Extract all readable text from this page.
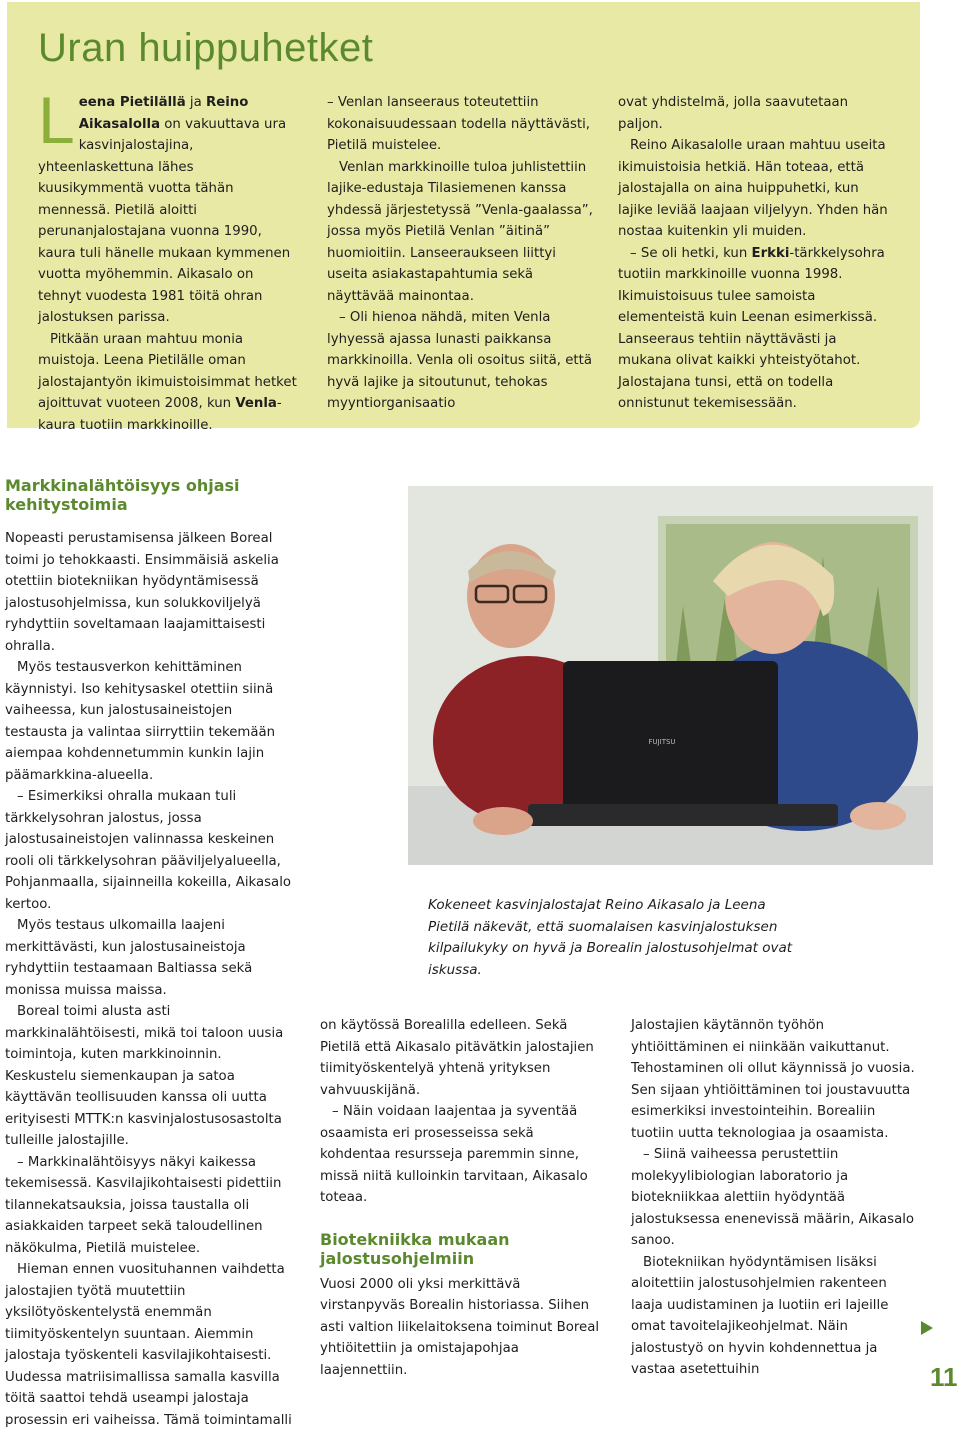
Uran huippuhetket

Leena Pietilällä ja Reino Aikasalolla on vakuuttava ura kasvinjalostajina, yhteenlaskettuna lähes kuusikymmentä vuotta tähän mennessä. Pietilä aloitti perunanjalostajana vuonna 1990, kaura tuli hänelle mukaan kymmenen vuotta myöhemmin. Aikasalo on tehnyt vuodesta 1981 töitä ohran jalostuksen parissa.

Pitkään uraan mahtuu monia muistoja. Leena Pietilälle oman jalostajantyön ikimuistoisimmat hetket ajoittuvat vuoteen 2008, kun Venla-kaura tuotiin markkinoille.

– Venlan lanseeraus toteutettiin kokonaisuudessaan todella näyttävästi, Pietilä muistelee.

Venlan markkinoille tuloa juhlistettiin lajike-edustaja Tilasiemenen kanssa yhdessä järjestetyssä ”Venla-gaalassa”, jossa myös Pietilä Venlan ”äitinä” huomioitiin. Lanseeraukseen liittyi useita asiakastapahtumia sekä näyttävää mainontaa.

– Oli hienoa nähdä, miten Venla lyhyessä ajassa lunasti paikkansa markkinoilla. Venla oli osoitus siitä, että hyvä lajike ja sitoutunut, tehokas myyntiorganisaatio

ovat yhdistelmä, jolla saavutetaan paljon.

Reino Aikasalolle uraan mahtuu useita ikimuistoisia hetkiä. Hän toteaa, että jalostajalla on aina huippuhetki, kun lajike leviää laajaan viljelyyn. Yhden hän nostaa kuitenkin yli muiden.

– Se oli hetki, kun Erkki-tärkkelysohra tuotiin markkinoille vuonna 1998.

Ikimuistoisuus tulee samoista elementeistä kuin Leenan esimerkissä. Lanseeraus tehtiin näyttävästi ja mukana olivat kaikki yhteistyötahot. Jalostajana tunsi, että on todella onnistunut tekemisessään.

Markkinalähtöisyys ohjasi kehitystoimia

Nopeasti perustamisensa jälkeen Boreal toimi jo tehokkaasti. Ensimmäisiä askelia otettiin biotekniikan hyödyntämisessä jalostusohjelmissa, kun solukkoviljelyä ryhdyttiin soveltamaan laajamittaisesti ohralla.

Myös testausverkon kehittäminen käynnistyi. Iso kehitysaskel otettiin siinä vaiheessa, kun jalostusaineistojen testausta ja valintaa siirryttiin tekemään aiempaa kohdennetummin kunkin lajin päämarkkina-alueella.

– Esimerkiksi ohralla mukaan tuli tärkkelysohran jalostus, jossa jalostusaineistojen valinnassa keskeinen rooli oli tärkkelysohran pääviljelyalueella, Pohjanmaalla, sijainneilla kokeilla, Aikasalo kertoo.

Myös testaus ulkomailla laajeni merkittävästi, kun jalostusaineistoja ryhdyttiin testaamaan Baltiassa sekä monissa muissa maissa.

Boreal toimi alusta asti markkinalähtöisesti, mikä toi taloon uusia toimintoja, kuten markkinoinnin. Keskustelu siemenkaupan ja satoa käyttävän teollisuuden kanssa oli uutta erityisesti MTTK:n kasvinjalostusosastolta tulleille jalostajille.

– Markkinalähtöisyys näkyi kaikessa tekemisessä. Kasvilajikohtaisesti pidettiin tilannekatsauksia, joissa taustalla oli asiakkaiden tarpeet sekä taloudellinen näkökulma, Pietilä muistelee.

Hieman ennen vuosituhannen vaihdetta jalostajien työtä muutettiin yksilötyöskentelystä enemmän tiimityöskentelyn suuntaan. Aiemmin jalostaja työskenteli kasvilajikohtaisesti. Uudessa matriisimallissa samalla kasvilla töitä saattoi tehdä useampi jalostaja prosessin eri vaiheissa. Tämä toimintamalli

FUJITSU
Kokeneet kasvinjalostajat Reino Aikasalo ja Leena Pietilä näkevät, että suomalaisen kasvinjalostuksen kilpailukyky on hyvä ja Borealin jalostusohjelmat ovat iskussa.

on käytössä Borealilla edelleen. Sekä Pietilä että Aikasalo pitävätkin jalostajien tiimityöskentelyä yhtenä yrityksen vahvuuskijänä.

– Näin voidaan laajentaa ja syventää osaamista eri prosesseissa sekä kohdentaa resursseja paremmin sinne, missä niitä kulloinkin tarvitaan, Aikasalo toteaa.

Biotekniikka mukaan jalostusohjelmiin

Vuosi 2000 oli yksi merkittävä virstanpyväs Borealin historiassa. Siihen asti valtion liikelaitoksena toiminut Boreal yhtiöitettiin ja omistajapohjaa laajennettiin.

Jalostajien käytännön työhön yhtiöittäminen ei niinkään vaikuttanut. Tehostaminen oli ollut käynnissä jo vuosia. Sen sijaan yhtiöittäminen toi joustavuutta esimerkiksi investointeihin. Borealiin tuotiin uutta teknologiaa ja osaamista.

– Siinä vaiheessa perustettiin molekyylibiologian laboratorio ja biotekniikkaa alettiin hyödyntää jalostuksessa enenevissä määrin, Aikasalo sanoo.

Biotekniikan hyödyntämisen lisäksi aloitettiin jalostusohjelmien rakenteen laaja uudistaminen ja luotiin eri lajeille omat tavoitelajikeohjelmat. Näin jalostustyö on hyvin kohdennettua ja vastaa asetettuihin	11
